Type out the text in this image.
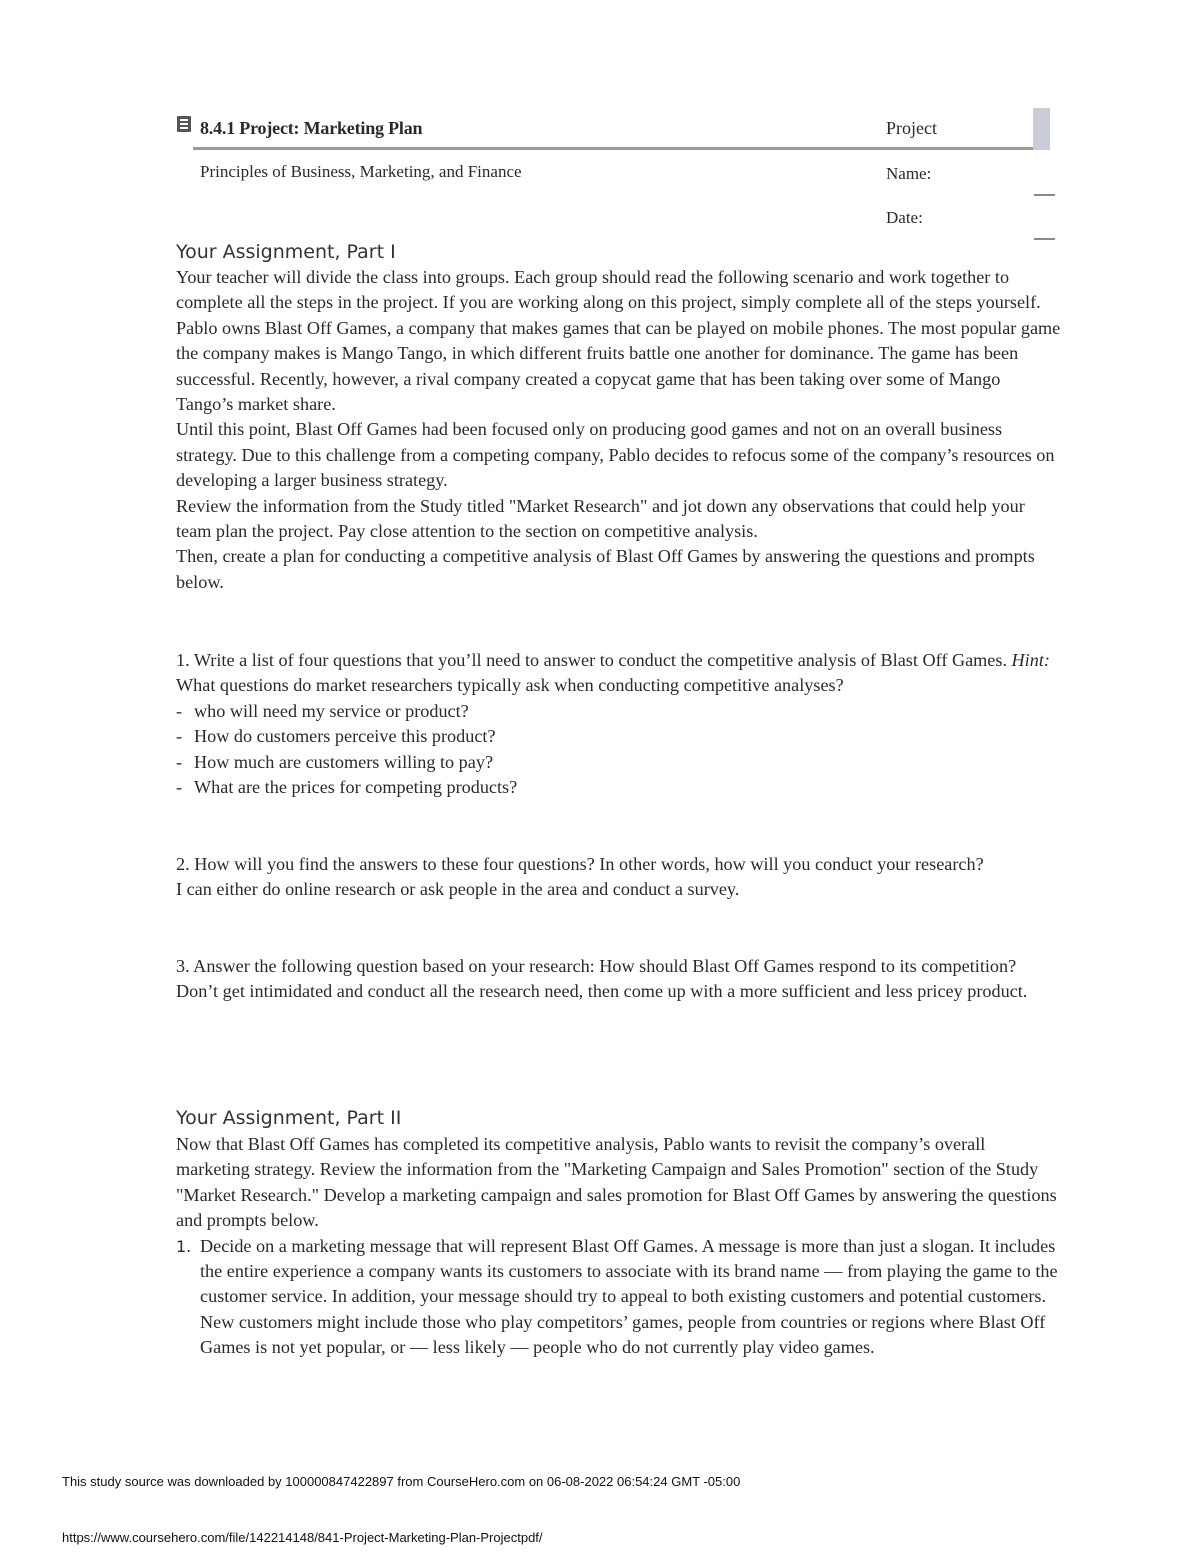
8.4.1 Project: Marketing Plan	Project
Principles of Business, Marketing, and Finance	Name:
Date:
Your Assignment, Part I

Your teacher will divide the class into groups. Each group should read the following scenario and work together to complete all the steps in the project. If you are working along on this project, simply complete all of the steps yourself.

Pablo owns Blast Off Games, a company that makes games that can be played on mobile phones. The most popular game the company makes is Mango Tango, in which different fruits battle one another for dominance. The game has been successful. Recently, however, a rival company created a copycat game that has been taking over some of Mango Tango’s market share.

Until this point, Blast Off Games had been focused only on producing good games and not on an overall business strategy. Due to this challenge from a competing company, Pablo decides to refocus some of the company’s resources on developing a larger business strategy.

Review the information from the Study titled "Market Research" and jot down any observations that could help your team plan the project. Pay close attention to the section on competitive analysis.

Then, create a plan for conducting a competitive analysis of Blast Off Games by answering the questions and prompts below.

1. Write a list of four questions that you’ll need to answer to conduct the competitive analysis of Blast Off Games. Hint: What questions do market researchers typically ask when conducting competitive analyses?

- who will need my service or product?
- How do customers perceive this product?
- How much are customers willing to pay?
- What are the prices for competing products?

2. How will you find the answers to these four questions? In other words, how will you conduct your research?

I can either do online research or ask people in the area and conduct a survey.

3. Answer the following question based on your research: How should Blast Off Games respond to its competition?

Don’t get intimidated and conduct all the research need, then come up with a more sufficient and less pricey product.

Your Assignment, Part II

Now that Blast Off Games has completed its competitive analysis, Pablo wants to revisit the company’s overall marketing strategy. Review the information from the "Marketing Campaign and Sales Promotion" section of the Study "Market Research." Develop a marketing campaign and sales promotion for Blast Off Games by answering the questions and prompts below.

1. Decide on a marketing message that will represent Blast Off Games. A message is more than just a slogan. It includes the entire experience a company wants its customers to associate with its brand name — from playing the game to the customer service. In addition, your message should try to appeal to both existing customers and potential customers. New customers might include those who play competitors’ games, people from countries or regions where Blast Off Games is not yet popular, or — less likely — people who do not currently play video games.
This study source was downloaded by 100000847422897 from CourseHero.com on 06-08-2022 06:54:24 GMT -05:00
https://www.coursehero.com/file/142214148/841-Project-Marketing-Plan-Projectpdf/
